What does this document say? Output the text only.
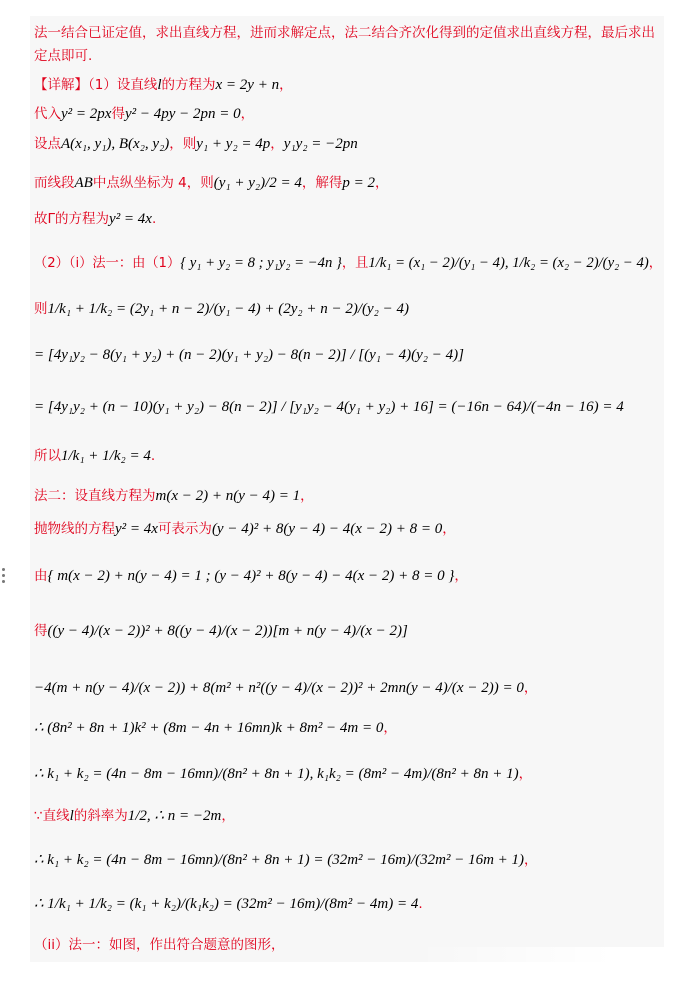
法一结合已证定值，求出直线方程，进而求解定点，法二结合齐次化得到的定值求出直线方程，最后求出
定点即可.
【详解】（1）设直线l的方程为x = 2y + n，
代入y² = 2px得y² − 4py − 2pn = 0，
设点A(x₁, y₁), B(x₂, y₂)，则y₁ + y₂ = 4p，y₁y₂ = −2pn
而线段AB中点纵坐标为 4，则(y₁ + y₂)/2 = 4，解得p = 2，
故Γ的方程为y² = 4x.
（2）（i）法一：由（1）{ y₁ + y₂ = 8 ; y₁y₂ = −4n }，且1/k₁ = (x₁ − 2)/(y₁ − 4), 1/k₂ = (x₂ − 2)/(y₂ − 4)，
则1/k₁ + 1/k₂ = (2y₁ + n − 2)/(y₁ − 4) + (2y₂ + n − 2)/(y₂ − 4)
= [4y₁y₂ − 8(y₁ + y₂) + (n − 2)(y₁ + y₂) − 8(n − 2)] / [(y₁ − 4)(y₂ − 4)]
= [4y₁y₂ + (n − 10)(y₁ + y₂) − 8(n − 2)] / [y₁y₂ − 4(y₁ + y₂) + 16] = (−16n − 64)/(−4n − 16) = 4
所以1/k₁ + 1/k₂ = 4.
法二：设直线方程为m(x − 2) + n(y − 4) = 1，
抛物线的方程y² = 4x可表示为(y − 4)² + 8(y − 4) − 4(x − 2) + 8 = 0，
由{ m(x − 2) + n(y − 4) = 1 ; (y − 4)² + 8(y − 4) − 4(x − 2) + 8 = 0 }，
得((y − 4)/(x − 2))² + 8((y − 4)/(x − 2))[m + n(y − 4)/(x − 2)]
−4(m + n(y − 4)/(x − 2)) + 8(m² + n²((y − 4)/(x − 2))² + 2mn(y − 4)/(x − 2)) = 0，
∴ (8n² + 8n + 1)k² + (8m − 4n + 16mn)k + 8m² − 4m = 0，
∴ k₁ + k₂ = (4n − 8m − 16mn)/(8n² + 8n + 1), k₁k₂ = (8m² − 4m)/(8n² + 8n + 1)，
∵直线l的斜率为1/2, ∴ n = −2m，
∴ k₁ + k₂ = (4n − 8m − 16mn)/(8n² + 8n + 1) = (32m² − 16m)/(32m² − 16m + 1)，
∴ 1/k₁ + 1/k₂ = (k₁ + k₂)/(k₁k₂) = (32m² − 16m)/(8m² − 4m) = 4.
（ii）法一：如图，作出符合题意的图形，
